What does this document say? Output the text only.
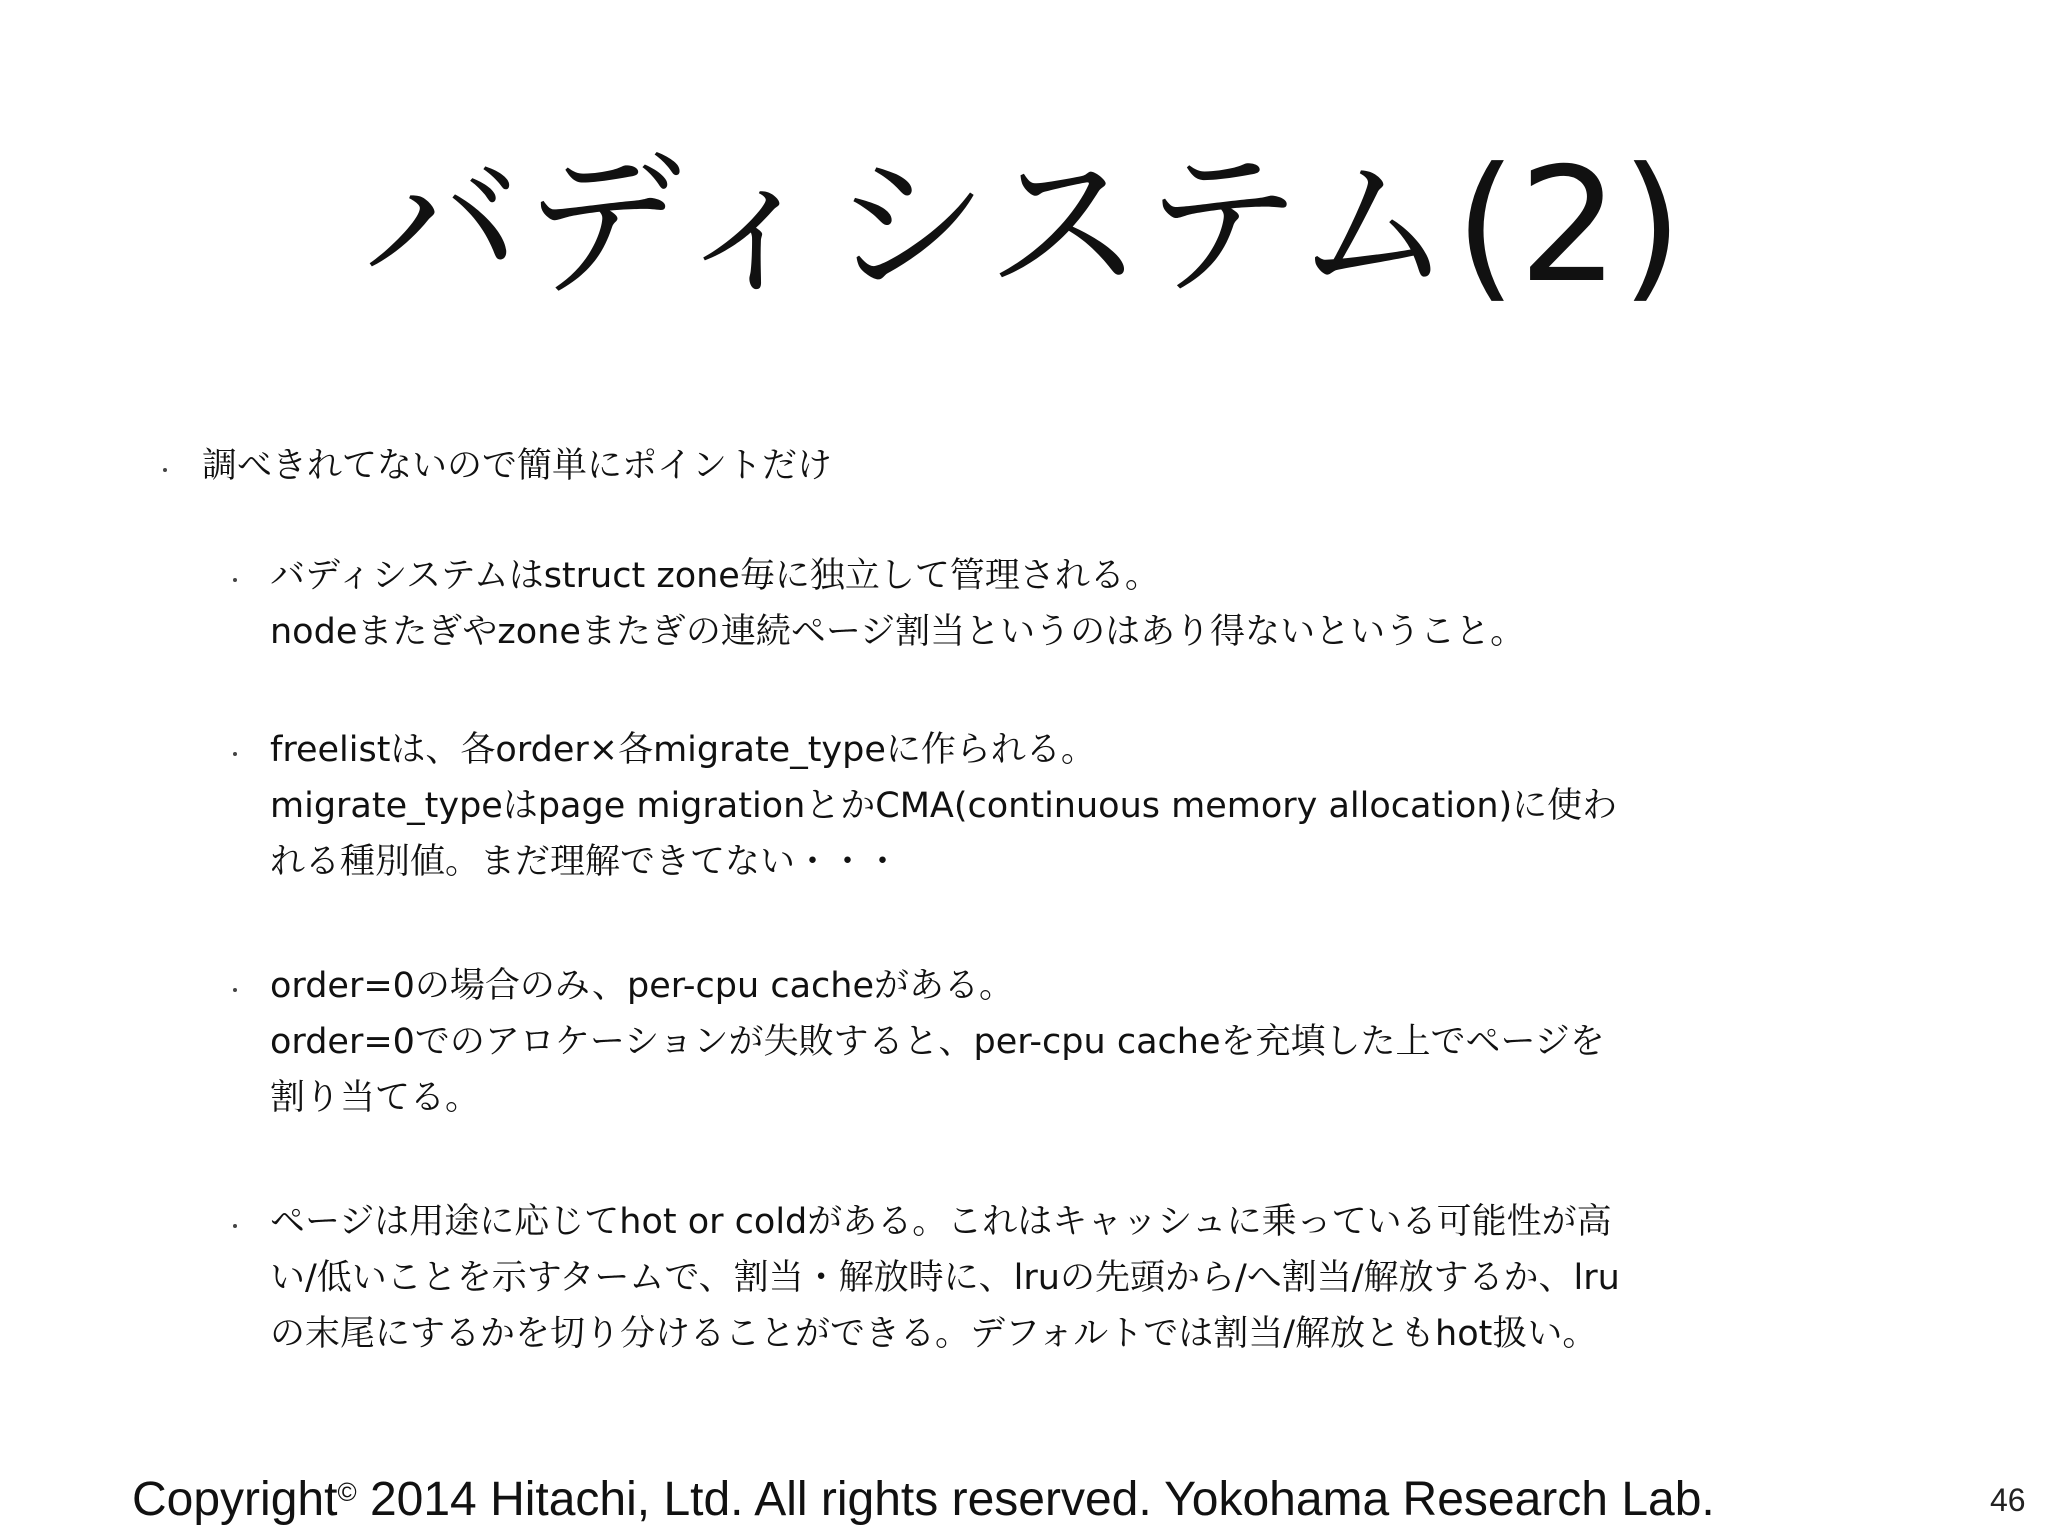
バディシステム(2)
調べきれてないので簡単にポイントだけ
バディシステムはstruct zone毎に独立して管理される。
nodeまたぎやzoneまたぎの連続ページ割当というのはあり得ないということ。
freelistは、各order×各migrate_typeに作られる。
migrate_typeはpage migrationとかCMA(continuous memory allocation)に使わ
れる種別値。まだ理解できてない・・・
order=0の場合のみ、per-cpu cacheがある。
order=0でのアロケーションが失敗すると、per-cpu cacheを充填した上でページを
割り当てる。
ページは用途に応じてhot or coldがある。これはキャッシュに乗っている可能性が高
い/低いことを示すタームで、割当・解放時に、lruの先頭から/へ割当/解放するか、lru
の末尾にするかを切り分けることができる。デフォルトでは割当/解放ともhot扱い。
Copyright© 2014 Hitachi, Ltd. All rights reserved. Yokohama Research Lab.	46
